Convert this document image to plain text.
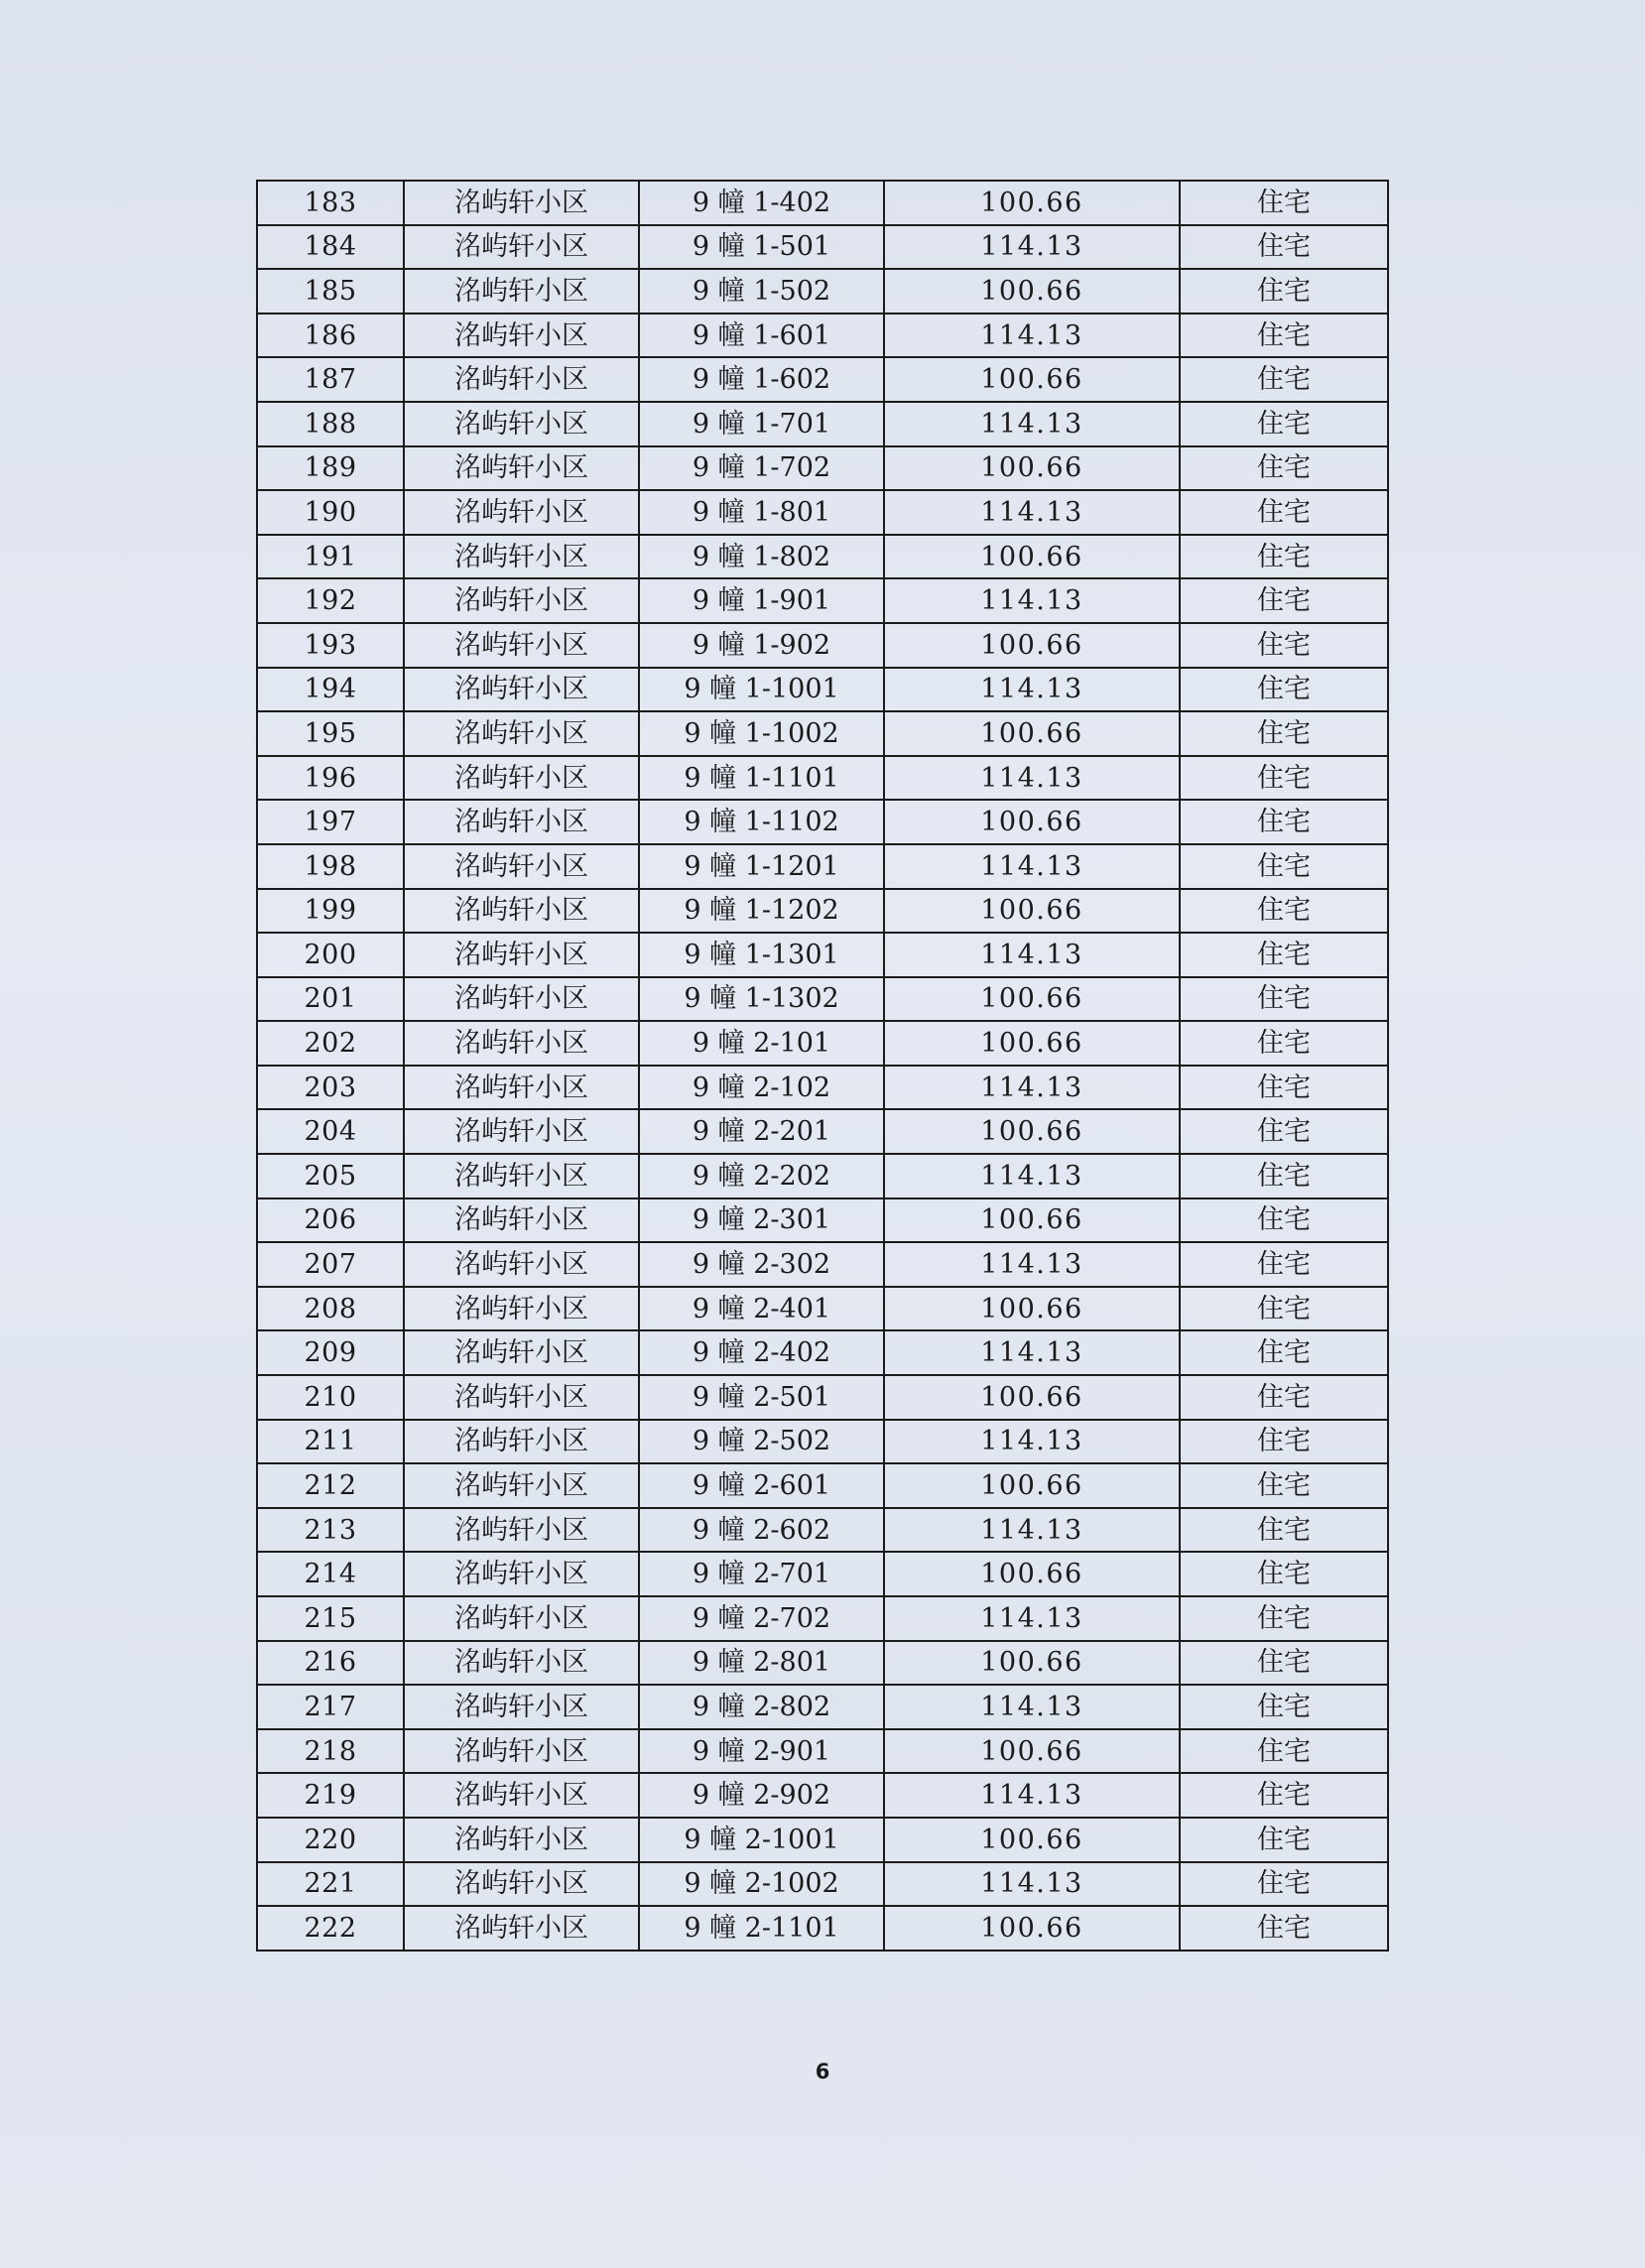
183	洺屿轩小区	9 幢 1-402	100.66	住宅
184	洺屿轩小区	9 幢 1-501	114.13	住宅
185	洺屿轩小区	9 幢 1-502	100.66	住宅
186	洺屿轩小区	9 幢 1-601	114.13	住宅
187	洺屿轩小区	9 幢 1-602	100.66	住宅
188	洺屿轩小区	9 幢 1-701	114.13	住宅
189	洺屿轩小区	9 幢 1-702	100.66	住宅
190	洺屿轩小区	9 幢 1-801	114.13	住宅
191	洺屿轩小区	9 幢 1-802	100.66	住宅
192	洺屿轩小区	9 幢 1-901	114.13	住宅
193	洺屿轩小区	9 幢 1-902	100.66	住宅
194	洺屿轩小区	9 幢 1-1001	114.13	住宅
195	洺屿轩小区	9 幢 1-1002	100.66	住宅
196	洺屿轩小区	9 幢 1-1101	114.13	住宅
197	洺屿轩小区	9 幢 1-1102	100.66	住宅
198	洺屿轩小区	9 幢 1-1201	114.13	住宅
199	洺屿轩小区	9 幢 1-1202	100.66	住宅
200	洺屿轩小区	9 幢 1-1301	114.13	住宅
201	洺屿轩小区	9 幢 1-1302	100.66	住宅
202	洺屿轩小区	9 幢 2-101	100.66	住宅
203	洺屿轩小区	9 幢 2-102	114.13	住宅
204	洺屿轩小区	9 幢 2-201	100.66	住宅
205	洺屿轩小区	9 幢 2-202	114.13	住宅
206	洺屿轩小区	9 幢 2-301	100.66	住宅
207	洺屿轩小区	9 幢 2-302	114.13	住宅
208	洺屿轩小区	9 幢 2-401	100.66	住宅
209	洺屿轩小区	9 幢 2-402	114.13	住宅
210	洺屿轩小区	9 幢 2-501	100.66	住宅
211	洺屿轩小区	9 幢 2-502	114.13	住宅
212	洺屿轩小区	9 幢 2-601	100.66	住宅
213	洺屿轩小区	9 幢 2-602	114.13	住宅
214	洺屿轩小区	9 幢 2-701	100.66	住宅
215	洺屿轩小区	9 幢 2-702	114.13	住宅
216	洺屿轩小区	9 幢 2-801	100.66	住宅
217	洺屿轩小区	9 幢 2-802	114.13	住宅
218	洺屿轩小区	9 幢 2-901	100.66	住宅
219	洺屿轩小区	9 幢 2-902	114.13	住宅
220	洺屿轩小区	9 幢 2-1001	100.66	住宅
221	洺屿轩小区	9 幢 2-1002	114.13	住宅
222	洺屿轩小区	9 幢 2-1101	100.66	住宅
6
